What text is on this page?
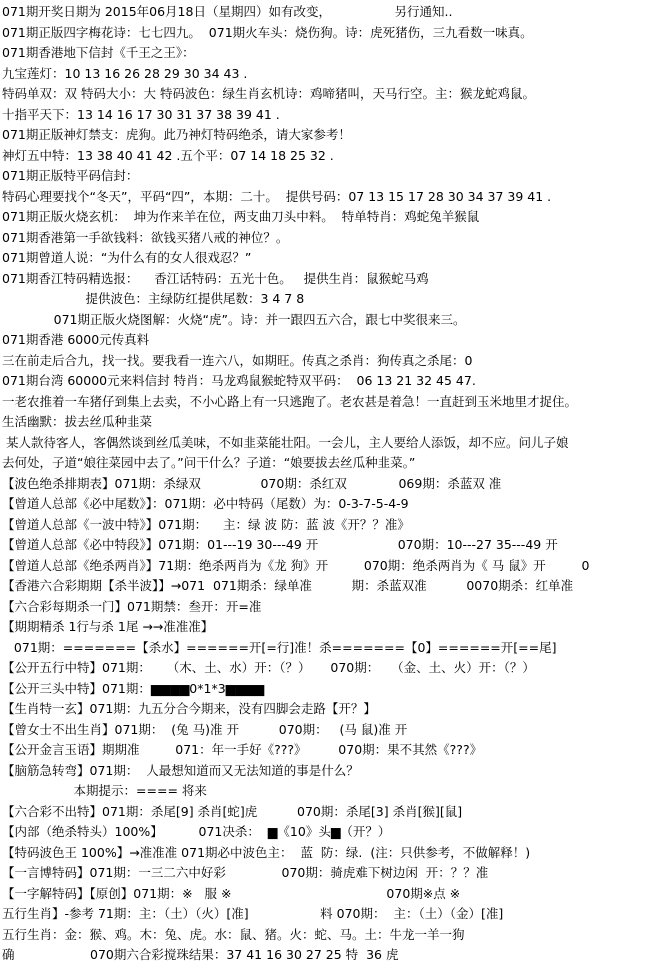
071期开奖日期为 2015年06月18日（星期四）如有改变，                另行通知..
071期正版四字梅花诗：七七四九。  071期火车头：烧伤狗。诗：虎死猪伤，三九看数一味真。
071期香港地下信封《千王之王》：
九宝莲灯：10 13 16 26 28 29 30 34 43 .
特码单双：双 特码大小：大 特码波色：绿生肖玄机诗：鸡啼猪叫，天马行空。主：猴龙蛇鸡鼠。
十指平天下：13 14 16 17 30 31 37 38 39 41 .
071期正版神灯禁支：虎狗。此乃神灯特码绝杀，请大家参考！
神灯五中特：13 38 40 41 42 .五个平：07 14 18 25 32 .
071期正版特平码信封：
特码心理要找个“冬天”，平码“四”，本期：二十。  提供号码：07 13 15 17 28 30 34 37 39 41 .
071期正版火烧玄机：  坤为作来羊在位，两支曲刀头中料。  特单特肖：鸡蛇兔羊猴鼠
071期香港第一手欲钱料：欲钱买猪八戒的神位？。
071期曾道人说：“为什么有的女人很戏忍？”
071期香江特码精选报：    香江话特码：五光十色。   提供生肖：鼠猴蛇马鸡
提供波色：主绿防红提供尾数：3 4 7 8
071期正版火烧图解：火烧“虎”。诗：并一跟四五六合，跟七中奖很来三。
071期香港 6000元传真料
三在前走后合九，找一找。要我看一连六八，如期旺。传真之杀肖：狗传真之杀尾：0
071期台湾 60000元来料信封 特肖：马龙鸡鼠猴蛇特双平码：  06 13 21 32 45 47.
一老农推着一车猪仔到集上去卖，不小心路上有一只逃跑了。老农甚是着急！一直赶到玉米地里才捉住。
生活幽默：拔去丝瓜种韭菜
某人款待客人，客偶然谈到丝瓜美味，不如韭菜能壮阳。一会儿，主人要给人添饭，却不应。问儿子娘
去何处，子道“娘往菜园中去了。”问干什么？子道：“娘要拔去丝瓜种韭菜。”
【波色绝杀排期表】071期：杀绿双               070期：杀红双             069期：杀蓝双 准
【曾道人总部《必中尾数》】：071期：必中特码（尾数）为：0-3-7-5-4-9
【曾道人总部《一波中特》】071期：    主：绿 波 防：蓝 波《开？？准》
【曾道人总部《必中特段》】071期：01---19 30---49 开                    070期：10---27 35---49 开
【曾道人总部《绝杀两肖》】71期：绝杀两肖为《龙 狗》开         070期：绝杀两肖为《 马 鼠》开         0
【香港六合彩期期【杀半波】】→071  071期杀：绿单准          期：杀蓝双准          0070期杀：红单准
【六合彩每期杀一门】071期禁：叁开：开=准
【期期精杀 1行与杀 1尾 →→准准准】
071期：=======【杀水】======开[=行]准！杀=======【0】======开[==尾]
【公开五行中特】071期：    （木、土、水）开：（？）     070期：   （金、土、火）开：（？）
【公开三头中特】071期：▆▆▆▆0*1*3▆▆▆▆
【生肖特一玄】071期：九五分合今期来，没有四脚会走路【开？】
【曾女士不出生肖】071期：  (兔 马)准 开          070期：   (马 鼠)准 开
【公开金言玉语】期期准         071：年一手好《???》        070期：果不其然《???》
【脑筋急转弯】071期：  人最想知道而又无法知道的事是什么？
本期提示：==== 将来
【六合彩不出特】071期：杀尾[9] 杀肖[蛇]虎          070期：杀尾[3] 杀肖[猴][鼠]
【内部（绝杀特头）100%】         071决杀：  ▆《10》头▆（开？）
【特码波色王 100%】→准准准 071期必中波色主：  蓝  防：绿.  (注：只供参考，不做解释！)
【一言博特码】071期：一三二六中好彩              070期：骑虎难下树边闲  开：？？准
【一字解特码】【原创】071期：※   服 ※                                       070期※点 ※
五行生肖】-参考 71期：主：（土）（火）[准]                  料 070期：  主：（土）（金）[准]
五行生肖：金：猴、鸡。木：兔、虎。水：鼠、猪。火：蛇、马。土：牛龙一羊一狗
确                   070期六合彩搅珠结果：37 41 16 30 27 25 特  36 虎
